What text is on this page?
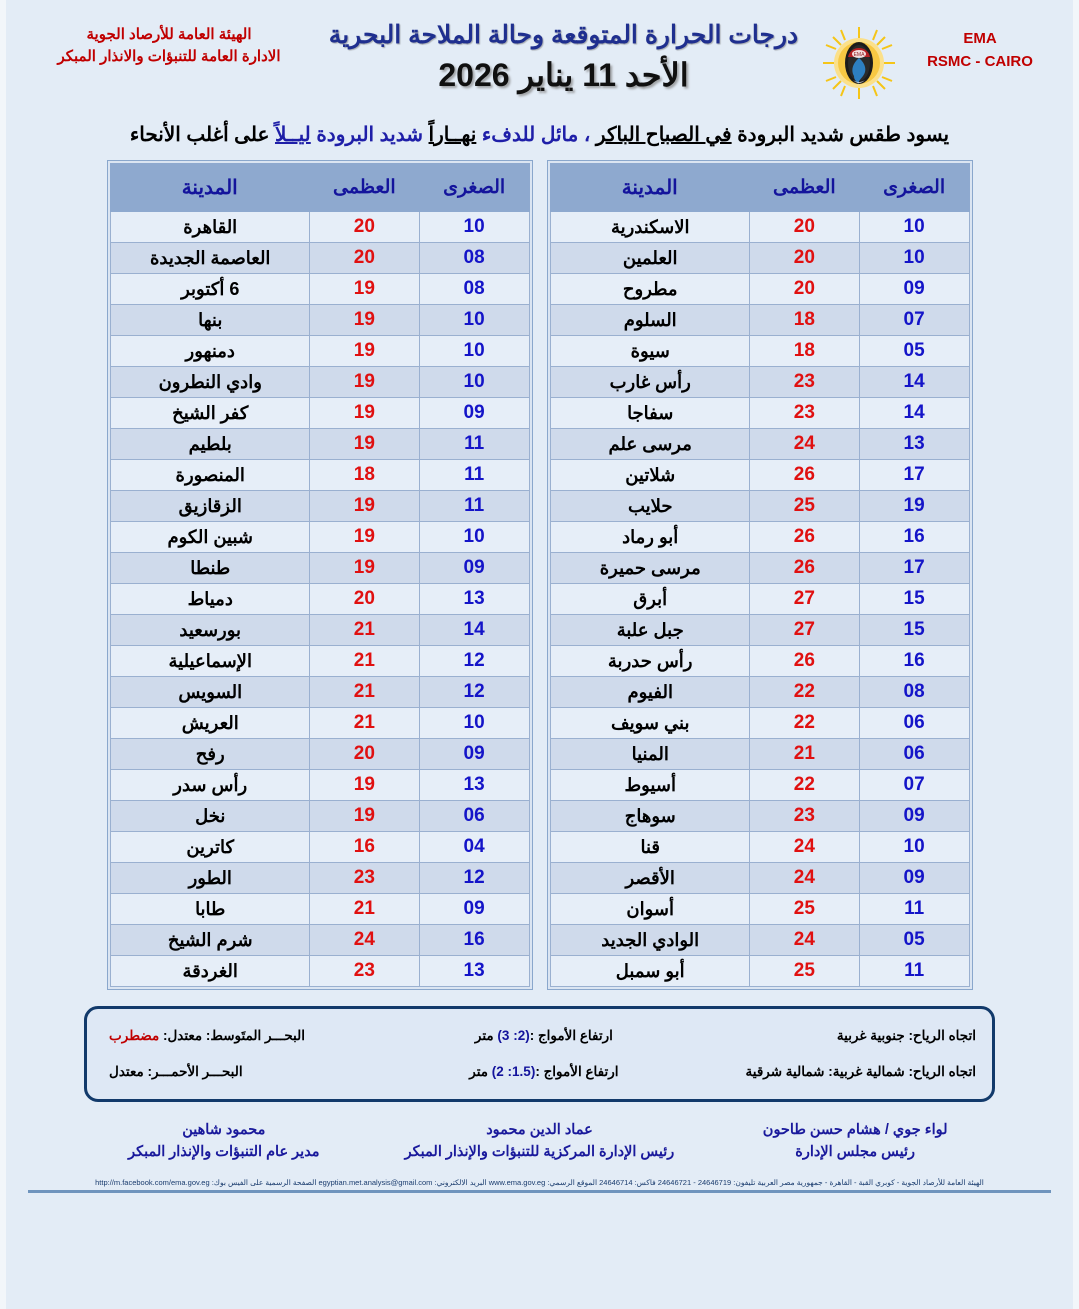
EMA
RSMC - CAIRO
EMA
درجات الحرارة المتوقعة وحالة الملاحة البحرية
الأحد 11 يناير 2026
الهيئة العامة للأرصاد الجوية
الادارة العامة للتنبؤات والانذار المبكر
يسود طقس شديد البرودة في الصباح الباكر ، مائل للدفء نهــاراً شديد البرودة ليــلاً على أغلب الأنحاء
الصغرى	العظمى	المدينة
10	20	الاسكندرية
10	20	العلمين
09	20	مطروح
07	18	السلوم
05	18	سيوة
14	23	رأس غارب
14	23	سفاجا
13	24	مرسى علم
17	26	شلاتين
19	25	حلايب
16	26	أبو رماد
17	26	مرسى حميرة
15	27	أبرق
15	27	جبل علبة
16	26	رأس حدربة
08	22	الفيوم
06	22	بني سويف
06	21	المنيا
07	22	أسيوط
09	23	سوهاج
10	24	قنا
09	24	الأقصر
11	25	أسوان
05	24	الوادي الجديد
11	25	أبو سمبل
الصغرى	العظمى	المدينة
10	20	القاهرة
08	20	العاصمة الجديدة
08	19	6 أكتوبر
10	19	بنها
10	19	دمنهور
10	19	وادي النطرون
09	19	كفر الشيخ
11	19	بلطيم
11	18	المنصورة
11	19	الزقازيق
10	19	شبين الكوم
09	19	طنطا
13	20	دمياط
14	21	بورسعيد
12	21	الإسماعيلية
12	21	السويس
10	21	العريش
09	20	رفح
13	19	رأس سدر
06	19	نخل
04	16	كاترين
12	23	الطور
09	21	طابا
16	24	شرم الشيخ
13	23	الغردقة
اتجاه الرياح: جنوبية غربية
ارتفاع الأمواج :(2: 3) متر
البحـــر المتَوسط: معتدل: مضطرب
اتجاه الرياح: شمالية غربية: شمالية شرقية
ارتفاع الأمواج :(1.5: 2) متر
البحـــر الأحمـــر: معتدل
لواء جوي / هشام حسن طاحون
رئيس مجلس الإدارة
عماد الدين محمود
رئيس الإدارة المركزية للتنبؤات والإنذار المبكر
محمود شاهين
مدير عام التنبؤات والإنذار المبكر
الهيئة العامة للأرصاد الجوية - كوبري القبة - القاهرة - جمهورية مصر العربية تليفون: 24646719 - 24646721 فاكس: 24646714 الموقع الرسمي: www.ema.gov.eg البريد الالكتروني: egyptian.met.analysis@gmail.com الصفحة الرسمية على الفيس بوك: http://m.facebook.com/ema.gov.eg
